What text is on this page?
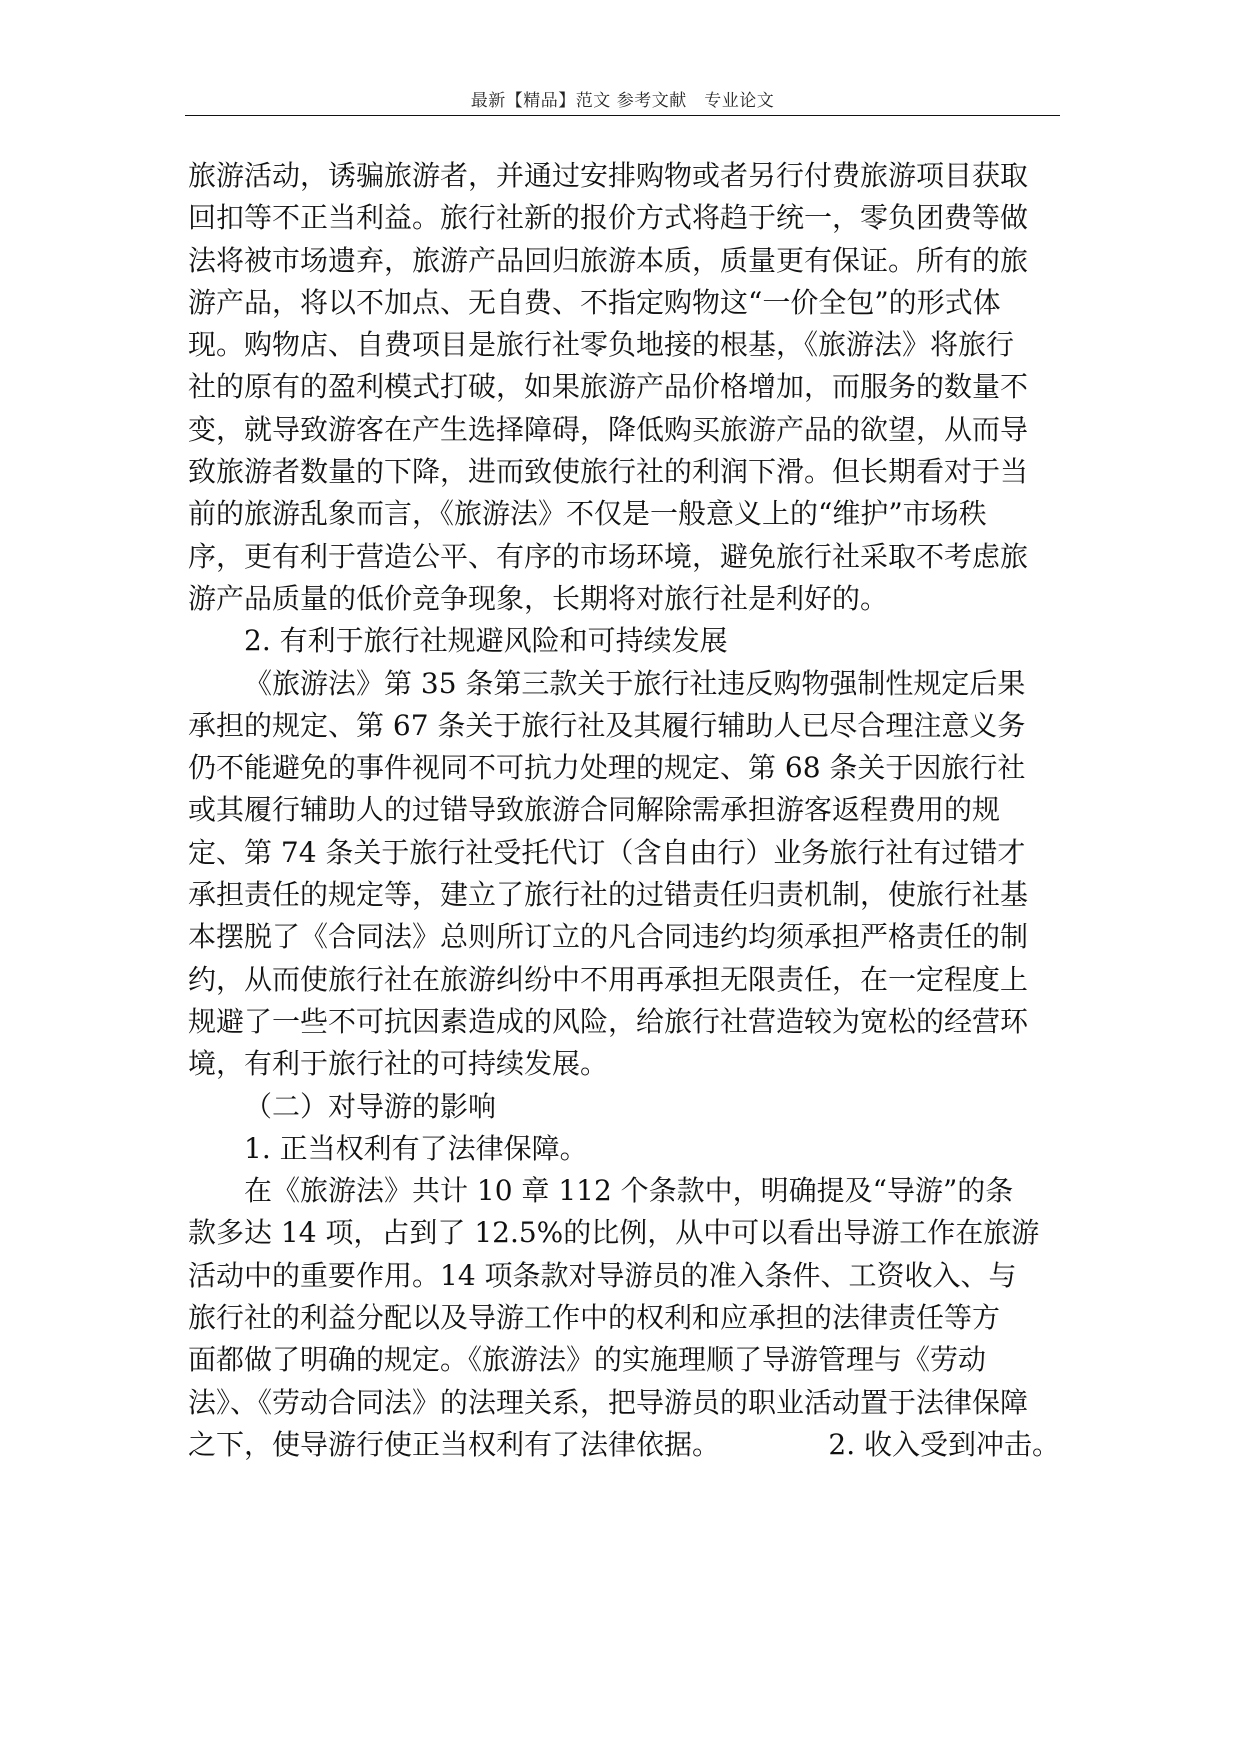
最新【精品】范文 参考文献　专业论文
旅游活动，诱骗旅游者，并通过安排购物或者另行付费旅游项目获取
回扣等不正当利益。旅行社新的报价方式将趋于统一，零负团费等做
法将被市场遗弃，旅游产品回归旅游本质，质量更有保证。所有的旅
游产品，将以不加点、无自费、不指定购物这“一价全包”的形式体
现。购物店、自费项目是旅行社零负地接的根基，《旅游法》将旅行
社的原有的盈利模式打破，如果旅游产品价格增加，而服务的数量不
变，就导致游客在产生选择障碍，降低购买旅游产品的欲望，从而导
致旅游者数量的下降，进而致使旅行社的利润下滑。但长期看对于当
前的旅游乱象而言，《旅游法》不仅是一般意义上的“维护”市场秩
序，更有利于营造公平、有序的市场环境，避免旅行社采取不考虑旅
游产品质量的低价竞争现象，长期将对旅行社是利好的。
2. 有利于旅行社规避风险和可持续发展
《旅游法》第 35 条第三款关于旅行社违反购物强制性规定后果
承担的规定、第 67 条关于旅行社及其履行辅助人已尽合理注意义务
仍不能避免的事件视同不可抗力处理的规定、第 68 条关于因旅行社
或其履行辅助人的过错导致旅游合同解除需承担游客返程费用的规
定、第 74 条关于旅行社受托代订（含自由行）业务旅行社有过错才
承担责任的规定等，建立了旅行社的过错责任归责机制，使旅行社基
本摆脱了《合同法》总则所订立的凡合同违约均须承担严格责任的制
约，从而使旅行社在旅游纠纷中不用再承担无限责任，在一定程度上
规避了一些不可抗因素造成的风险，给旅行社营造较为宽松的经营环
境，有利于旅行社的可持续发展。
（二）对导游的影响
1. 正当权利有了法律保障。
在《旅游法》共计 10 章 112 个条款中，明确提及“导游”的条
款多达 14 项，占到了 12.5%的比例，从中可以看出导游工作在旅游
活动中的重要作用。14 项条款对导游员的准入条件、工资收入、与
旅行社的利益分配以及导游工作中的权利和应承担的法律责任等方
面都做了明确的规定。《旅游法》的实施理顺了导游管理与《劳动
法》、《劳动合同法》的法理关系，把导游员的职业活动置于法律保障
之下，使导游行使正当权利有了法律依据。	2. 收入受到冲击。
